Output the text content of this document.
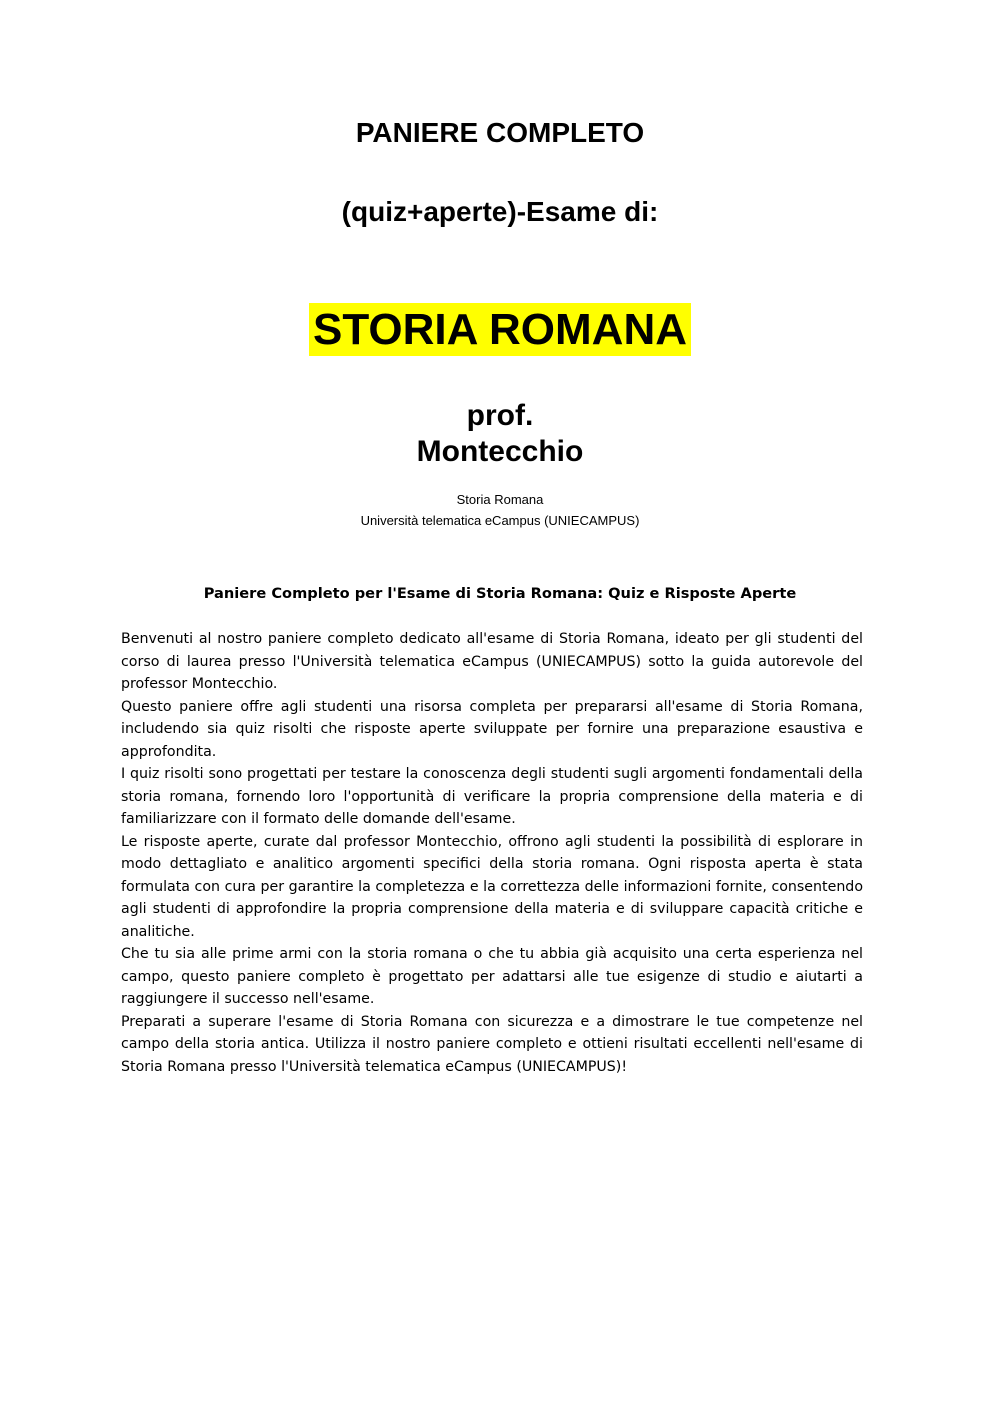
PANIERE COMPLETO
(quiz+aperte)-Esame di:
STORIA ROMANA
prof.
Montecchio
Storia Romana
Università telematica eCampus (UNIECAMPUS)
Paniere Completo per l'Esame di Storia Romana: Quiz e Risposte Aperte

Benvenuti al nostro paniere completo dedicato all'esame di Storia Romana, ideato per gli studenti del corso di laurea presso l'Università telematica eCampus (UNIECAMPUS) sotto la guida autorevole del professor Montecchio.

Questo paniere offre agli studenti una risorsa completa per prepararsi all'esame di Storia Romana, includendo sia quiz risolti che risposte aperte sviluppate per fornire una preparazione esaustiva e approfondita.

I quiz risolti sono progettati per testare la conoscenza degli studenti sugli argomenti fondamentali della storia romana, fornendo loro l'opportunità di verificare la propria comprensione della materia e di familiarizzare con il formato delle domande dell'esame.

Le risposte aperte, curate dal professor Montecchio, offrono agli studenti la possibilità di esplorare in modo dettagliato e analitico argomenti specifici della storia romana. Ogni risposta aperta è stata formulata con cura per garantire la completezza e la correttezza delle informazioni fornite, consentendo agli studenti di approfondire la propria comprensione della materia e di sviluppare capacità critiche e analitiche.

Che tu sia alle prime armi con la storia romana o che tu abbia già acquisito una certa esperienza nel campo, questo paniere completo è progettato per adattarsi alle tue esigenze di studio e aiutarti a raggiungere il successo nell'esame.

Preparati a superare l'esame di Storia Romana con sicurezza e a dimostrare le tue competenze nel campo della storia antica. Utilizza il nostro paniere completo e ottieni risultati eccellenti nell'esame di Storia Romana presso l'Università telematica eCampus (UNIECAMPUS)!
